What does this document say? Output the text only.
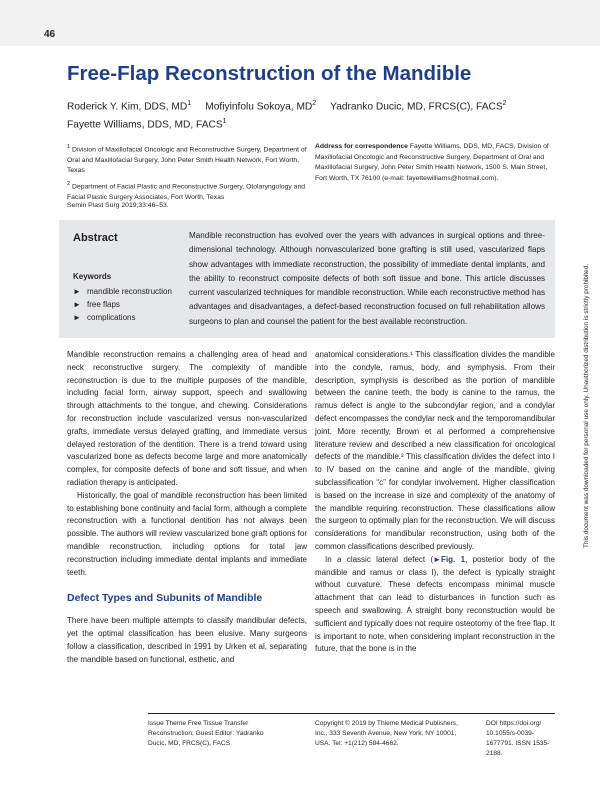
46
Free-Flap Reconstruction of the Mandible
Roderick Y. Kim, DDS, $MD^1$ Mofiyinfolu Sokoya, $MD^2$ Yadranko Ducic, MD, FRCS(C), FACS$^2$
Fayette Williams, DDS, MD, FACS$^1$
$^1$ Division of Maxillofacial Oncologic and Reconstructive Surgery, Department of Oral and Maxillofacial Surgery, John Peter Smith Health Network, Fort Worth, Texas
$^2$ Department of Facial Plastic and Reconstructive Surgery, Otolaryngology and Facial Plastic Surgery Associates, Fort Worth, Texas
Address for correspondence Fayette Williams, DDS, MD, FACS, Division of Maxillofacial Oncologic and Reconstructive Surgery, Department of Oral and Maxillofacial Surgery, John Peter Smith Health Network, 1500 S. Main Street, Fort Worth, TX 76100 (e-mail: fayettewilliams@hotmail.com).
Semin Plast Surg 2019;33:46–53.
Abstract
Keywords
► mandible reconstruction
► free flaps
► complications
Mandible reconstruction has evolved over the years with advances in surgical options and three-dimensional technology. Although nonvascularized bone grafting is still used, vascularized flaps show advantages with immediate reconstruction, the possibility of immediate dental implants, and the ability to reconstruct composite defects of both soft tissue and bone. This article discusses current vascularized techniques for mandible reconstruction. While each reconstructive method has advantages and disadvantages, a defect-based reconstruction focused on full rehabilitation allows surgeons to plan and counsel the patient for the best available reconstruction.

Mandible reconstruction remains a challenging area of head and neck reconstructive surgery. The complexity of mandible reconstruction is due to the multiple purposes of the mandible, including facial form, airway support, speech and swallowing through attachments to the tongue, and chewing. Considerations for reconstruction include vascularized versus non-vascularized grafts, immediate versus delayed grafting, and immediate versus delayed restoration of the dentition. There is a trend toward using vascularized bone as defects become large and more anatomically complex, for composite defects of bone and soft tissue, and when radiation therapy is anticipated.

Historically, the goal of mandible reconstruction has been limited to establishing bone continuity and facial form, although a complete reconstruction with a functional dentition has not always been possible. The authors will review vascularized bone graft options for mandible reconstruction, including options for total jaw reconstruction including immediate dental implants and immediate teeth.

Defect Types and Subunits of Mandible

There have been multiple attempts to classify mandibular defects, yet the optimal classification has been elusive. Many surgeons follow a classification, described in 1991 by Urken et al, separating the mandible based on functional, esthetic, and

anatomical considerations.¹ This classification divides the mandible into the condyle, ramus, body, and symphysis. From their description, symphysis is described as the portion of mandible between the canine teeth, the body is canine to the ramus, the ramus defect is angle to the subcondylar region, and a condylar defect encompasses the condylar neck and the temporomandibular joint. More recently, Brown et al performed a comprehensive literature review and described a new classification for oncological defects of the mandible.² This classification divides the defect into I to IV based on the canine and angle of the mandible, giving subclassification “c” for condylar involvement. Higher classification is based on the increase in size and complexity of the anatomy of the mandible requiring reconstruction. These classifications allow the surgeon to optimally plan for the reconstruction. We will discuss considerations for mandibular reconstruction, using both of the common classifications described previously.

In a classic lateral defect (►Fig. 1, posterior body of the mandible and ramus or class I), the defect is typically straight without curvature. These defects encompass minimal muscle attachment that can lead to disturbances in function such as speech and swallowing. A straight bony reconstruction would be sufficient and typically does not require osteotomy of the free flap. It is important to note, when considering implant reconstruction in the future, that the bone is in the

Issue Theme Free Tissue Transfer Reconstruction; Guest Editor: Yadranko Ducic, MD, FRCS(C), FACS
Copyright © 2019 by Thieme Medical Publishers, Inc., 333 Seventh Avenue, New York, NY 10001, USA. Tel: +1(212) 584-4662.
DOI https://doi.org/ 10.1055/s-0039-1677791. ISSN 1535-2188.
This document was downloaded for personal use only. Unauthorized distribution is strictly prohibited.
